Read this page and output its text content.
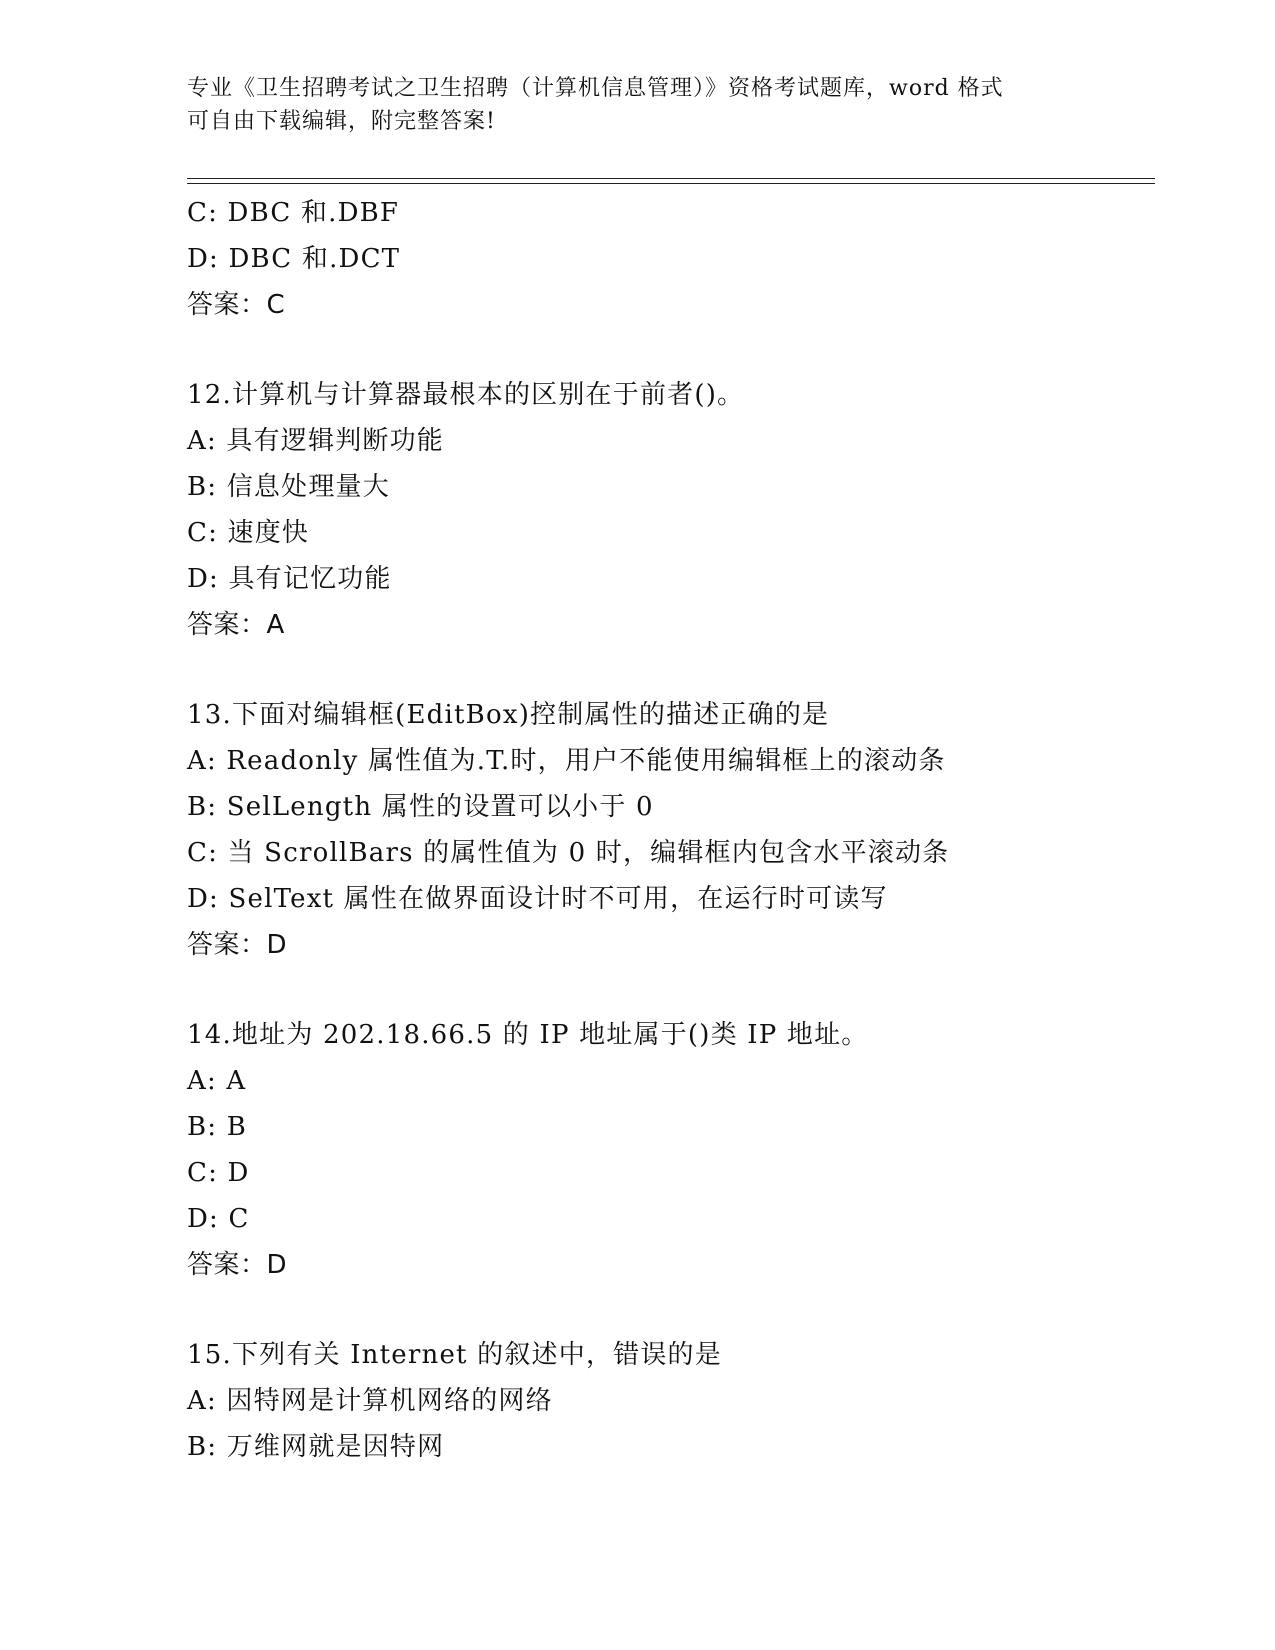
专业《卫生招聘考试之卫生招聘（计算机信息管理）》资格考试题库，word 格式
可自由下载编辑，附完整答案!
C: DBC 和.DBF
D: DBC 和.DCT
答案：C
12.计算机与计算器最根本的区别在于前者()。
A: 具有逻辑判断功能
B: 信息处理量大
C: 速度快
D: 具有记忆功能
答案：A
13.下面对编辑框(EditBox)控制属性的描述正确的是
A: Readonly 属性值为.T.时，用户不能使用编辑框上的滚动条
B: SelLength 属性的设置可以小于 0
C: 当 ScrollBars 的属性值为 0 时，编辑框内包含水平滚动条
D: SelText 属性在做界面设计时不可用，在运行时可读写
答案：D
14.地址为 202.18.66.5 的 IP 地址属于()类 IP 地址。
A: A
B: B
C: D
D: C
答案：D
15.下列有关 Internet 的叙述中，错误的是
A: 因特网是计算机网络的网络
B: 万维网就是因特网
